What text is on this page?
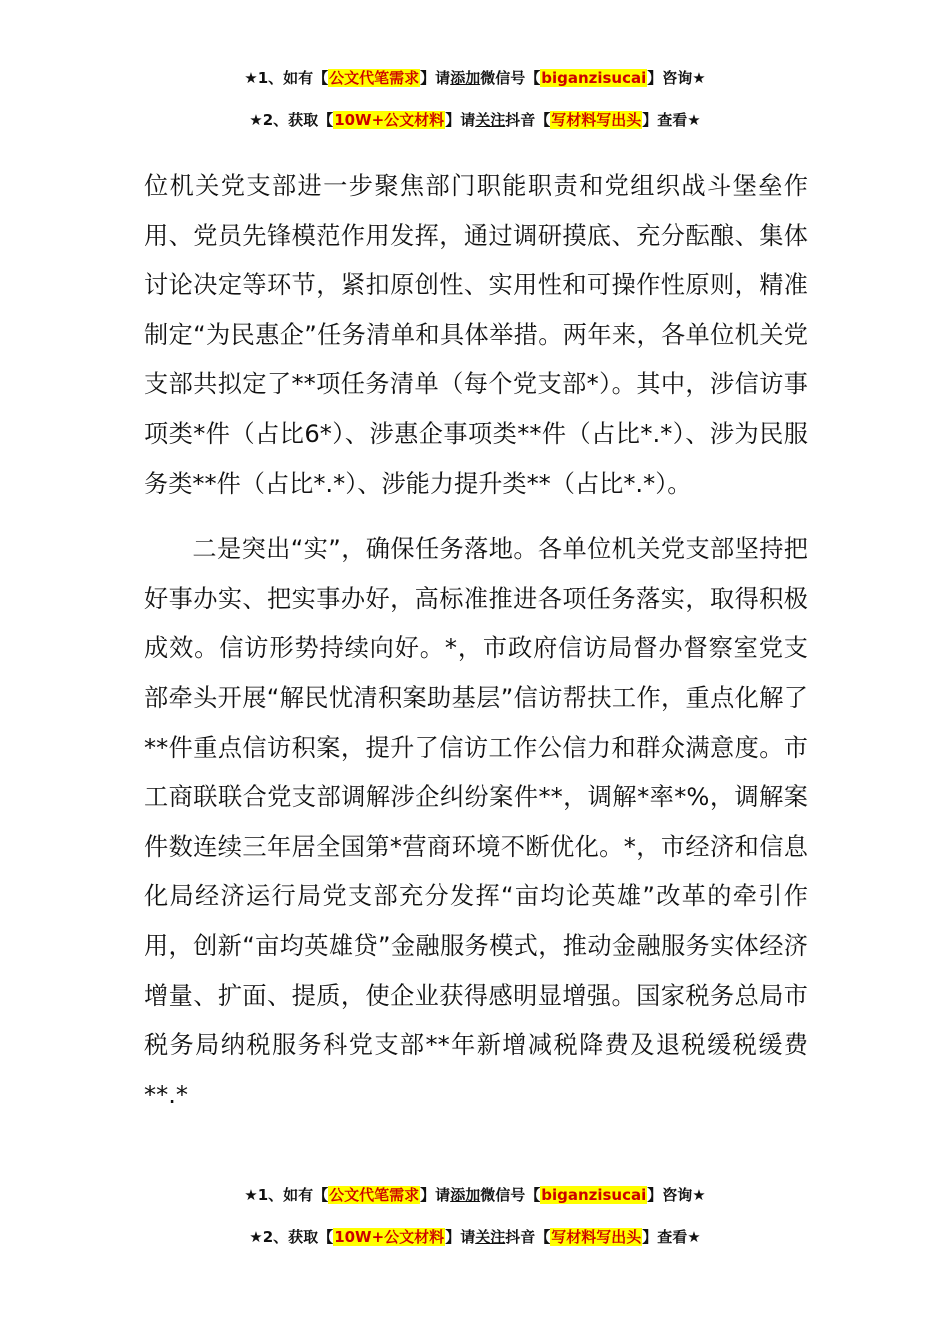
★1、如有【公文代笔需求】请添加微信号【biganzisucai】咨询★
★2、获取【10W+公文材料】请关注抖音【写材料写出头】查看★

位机关党支部进一步聚焦部门职能职责和党组织战斗堡垒作用、党员先锋模范作用发挥，通过调研摸底、充分酝酿、集体讨论决定等环节，紧扣原创性、实用性和可操作性原则，精准制定“为民惠企”任务清单和具体举措。两年来，各单位机关党支部共拟定了**项任务清单（每个党支部*）。其中，涉信访事项类*件（占比6*）、涉惠企事项类**件（占比*.*）、涉为民服务类**件（占比*.*）、涉能力提升类**（占比*.*）。

二是突出“实”，确保任务落地。各单位机关党支部坚持把好事办实、把实事办好，高标准推进各项任务落实，取得积极成效。信访形势持续向好。*，市政府信访局督办督察室党支部牵头开展“解民忧清积案助基层”信访帮扶工作，重点化解了**件重点信访积案，提升了信访工作公信力和群众满意度。市工商联联合党支部调解涉企纠纷案件**，调解*率*%，调解案件数连续三年居全国第*营商环境不断优化。*，市经济和信息化局经济运行局党支部充分发挥“亩均论英雄”改革的牵引作用，创新“亩均英雄贷”金融服务模式，推动金融服务实体经济增量、扩面、提质，使企业获得感明显增强。国家税务总局市税务局纳税服务科党支部**年新增减税降费及退税缓税缓费**.*

★1、如有【公文代笔需求】请添加微信号【biganzisucai】咨询★
★2、获取【10W+公文材料】请关注抖音【写材料写出头】查看★
